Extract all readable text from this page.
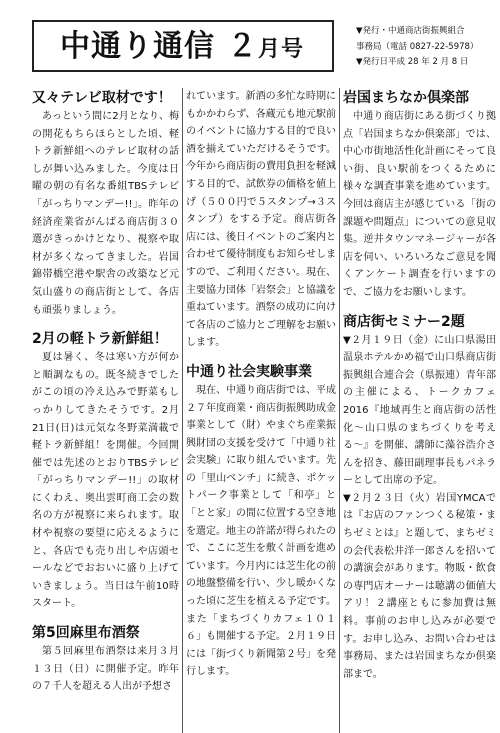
中通り通信 ２月号
▼発行・中通商店街振興組合
事務局（電話 0827-22-5978）
▼発行日平成 28 年 2 月 8 日
又々テレビ取材です！

あっという間に2月となり、梅の開花もちらほらとした頃、軽トラ新鮮組へのテレビ取材の話しが舞い込みました。今度は日曜の朝の有名な番組TBSテレビ「がっちりマンデー!!」。昨年の経済産業省がんばる商店街３０選がきっかけとなり、視察や取材が多くなってきました。岩国錦帯橋空港や駅舎の改築など元気山盛りの商店街として、各店も頑張りましょう。

2月の軽トラ新鮮組！

夏は暑く、冬は寒い方が何かと順調なもの。既冬続きでしたがこの頃の冷え込みで野菜もしっかりしてきたそうです。2月21日(日)は元気な冬野菜満載で軽トラ新鮮組！を開催。今回開催では先述のとおりTBSテレビ「がっちりマンデー!!」の取材にくわえ、奥出雲町商工会の数名の方が視察に来られます。取材や視察の要望に応えるようにと、各店でも売り出しや店頭セールなどでおおいに盛り上げていきましょう。当日は午前10時スタート。

第5回麻里布酒祭

第５回麻里布酒祭は来月３月１３日（日）に開催予定。昨年の７千人を超える人出が予想さ

れています。新酒の多忙な時期にもかかわらず、各蔵元も地元駅前のイベントに協力する目的で良い酒を揃えていただけるそうです。今年から商店街の費用負担を軽減する目的で、試飲券の価格を値上げ（５００円で５スタンプ→３スタンプ）をする予定。商店街各店には、後日イベントのご案内と合わせて優待制度もお知らせしますので、ご利用ください。現在、主要協力団体「岩祭会」と協議を重ねています。酒祭の成功に向けて各店のご協力とご理解をお願いします。

中通り社会実験事業

現在、中通り商店街では、平成２７年度商業・商店街振興助成金事業として（財）やまぐち産業振興財団の支援を受けて「中通り社会実験」に取り組んでいます。先の「里山ベンチ」に続き、ポケットパーク事業として「和亭」と「とと家」の間に位置する空き地を選定。地主の許諾が得られたので、ここに芝生を敷く計画を進めています。今月内には芝生化の前の地盤整備を行い、少し暖かくなった頃に芝生を植える予定です。また「まちづくりカフェ１０１６」も開催する予定。２月１９日には「街づくり新聞第２号」を発行します。

岩国まちなか倶楽部

中通り商店街にある街づくり拠点「岩国まちなか倶楽部」では、中心市街地活性化計画にそって良い街、良い駅前をつくるために様々な調査事業を進めています。今回は商店主が感じている「街の課題や問題点」についての意見収集。逆井タウンマネージャーが各店を伺い、いろいろなご意見を聞くアンケート調査を行いますので、ご協力をお願いします。

商店街セミナー2題

▼２月１９日（金）に山口県湯田温泉ホテルかめ福で山口県商店街振興組合連合会（県振連）青年部の主催による、トークカフェ 2016『地域再生と商店街の活性化〜山口県のまちづくりを考える〜』を開催、講師に藻谷浩介さんを招き、藤田副理事長もパネラーとして出席の予定。

▼２月２３日（火）岩国YMCAでは『お店のファンつくる秘策・まちゼミとは』と題して、まちゼミの会代表松井洋一郎さんを招いての講演会があります。物販・飲食の専門店オーナーは聴講の価値大アリ！２講座ともに参加費は無料。事前のお申し込みが必要です。お申し込み、お問い合わせは事務局、または岩国まちなか倶楽部まで。
